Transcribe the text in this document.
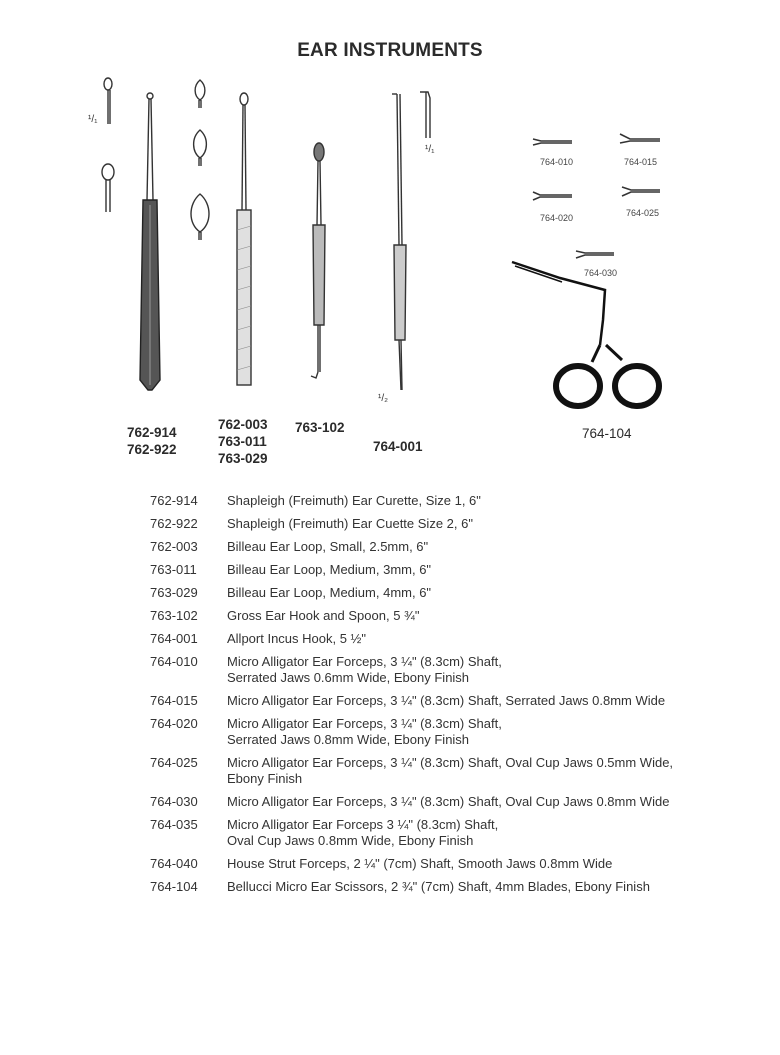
EAR INSTRUMENTS
¹/₁
¹/₁
¹/₂
764-010	764-015
764-020	764-025
764-030
762-914
762-922
762-003
763-011
763-029
763-102
764-001
764-104
762-914	Shapleigh (Freimuth) Ear Curette, Size 1, 6"
762-922	Shapleigh (Freimuth) Ear Cuette Size 2, 6"
762-003	Billeau Ear Loop, Small, 2.5mm, 6"
763-011	Billeau Ear Loop, Medium, 3mm, 6"
763-029	Billeau Ear Loop, Medium, 4mm, 6"
763-102	Gross Ear Hook and Spoon, 5 ¾"
764-001	Allport Incus Hook, 5 ½"
764-010	Micro Alligator Ear Forceps, 3 ¼" (8.3cm) Shaft,
Serrated Jaws 0.6mm Wide, Ebony Finish
764-015	Micro Alligator Ear Forceps, 3 ¼" (8.3cm) Shaft, Serrated Jaws 0.8mm Wide
764-020	Micro Alligator Ear Forceps, 3 ¼" (8.3cm) Shaft,
Serrated Jaws 0.8mm Wide, Ebony Finish
764-025	Micro Alligator Ear Forceps, 3 ¼" (8.3cm) Shaft, Oval Cup Jaws 0.5mm Wide,
Ebony Finish
764-030	Micro Alligator Ear Forceps, 3 ¼" (8.3cm) Shaft, Oval Cup Jaws 0.8mm Wide
764-035	Micro Alligator Ear Forceps 3 ¼" (8.3cm) Shaft,
Oval Cup Jaws 0.8mm Wide, Ebony Finish
764-040	House Strut Forceps, 2 ¼" (7cm) Shaft, Smooth Jaws 0.8mm Wide
764-104	Bellucci Micro Ear Scissors, 2 ¾" (7cm) Shaft, 4mm Blades, Ebony Finish
